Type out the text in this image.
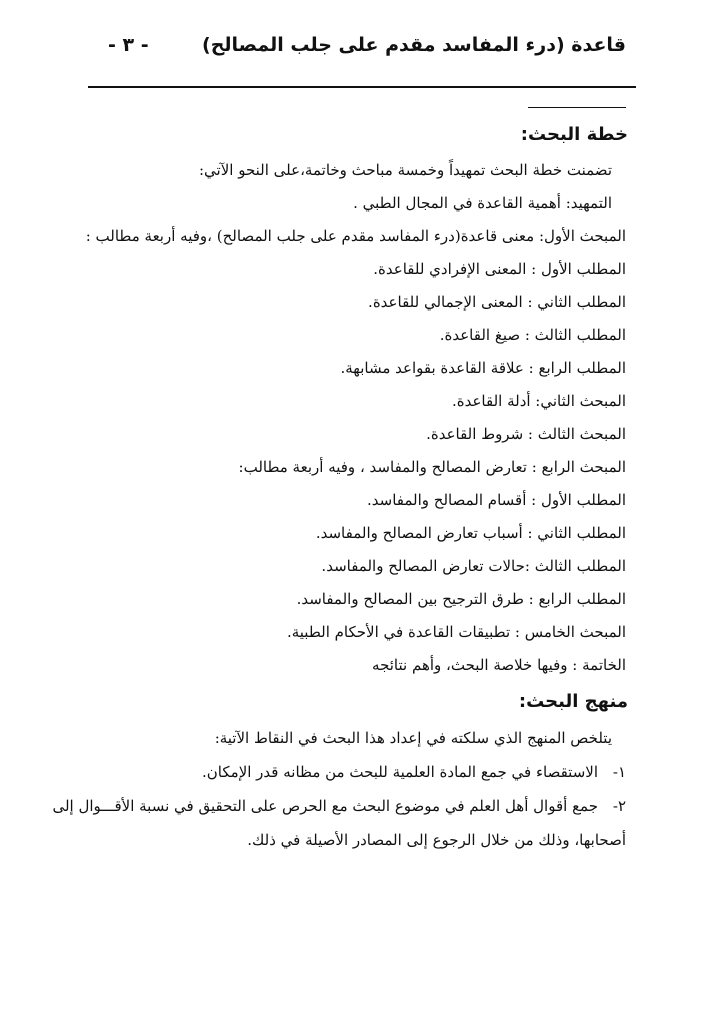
قاعدة (درء المفاسد مقدم على جلب المصالح)
- ٣ -
خطة البحث:
تضمنت خطة البحث تمهيداً وخمسة مباحث وخاتمة،على النحو الآتي:
التمهيد: أهمية القاعدة في المجال الطبي .
المبحث الأول: معنى قاعدة(درء المفاسد مقدم على جلب المصالح) ،وفيه أربعة مطالب :
المطلب الأول : المعنى الإفرادي للقاعدة.
المطلب الثاني : المعنى الإجمالي للقاعدة.
المطلب الثالث : صيغ القاعدة.
المطلب الرابع : علاقة القاعدة بقواعد مشابهة.
المبحث الثاني: أدلة القاعدة.
المبحث الثالث : شروط القاعدة.
المبحث الرابع : تعارض المصالح والمفاسد ، وفيه أربعة مطالب:
المطلب الأول : أقسام المصالح والمفاسد.
المطلب الثاني : أسباب تعارض المصالح والمفاسد.
المطلب الثالث :حالات تعارض المصالح والمفاسد.
المطلب الرابع : طرق الترجيح بين المصالح والمفاسد.
المبحث الخامس : تطبيقات القاعدة في الأحكام الطبية.
الخاتمة : وفيها خلاصة البحث، وأهم نتائجه
منهج البحث:
يتلخص المنهج الذي سلكته في إعداد هذا البحث في النقاط الآتية:
١-الاستقصاء في جمع المادة العلمية للبحث من مظانه قدر الإمكان.
٢-جمع أقوال أهل العلم في موضوع البحث مع الحرص على التحقيق في نسبة الأقـــوال إلى
أصحابها، وذلك من خلال الرجوع إلى المصادر الأصيلة في ذلك.
